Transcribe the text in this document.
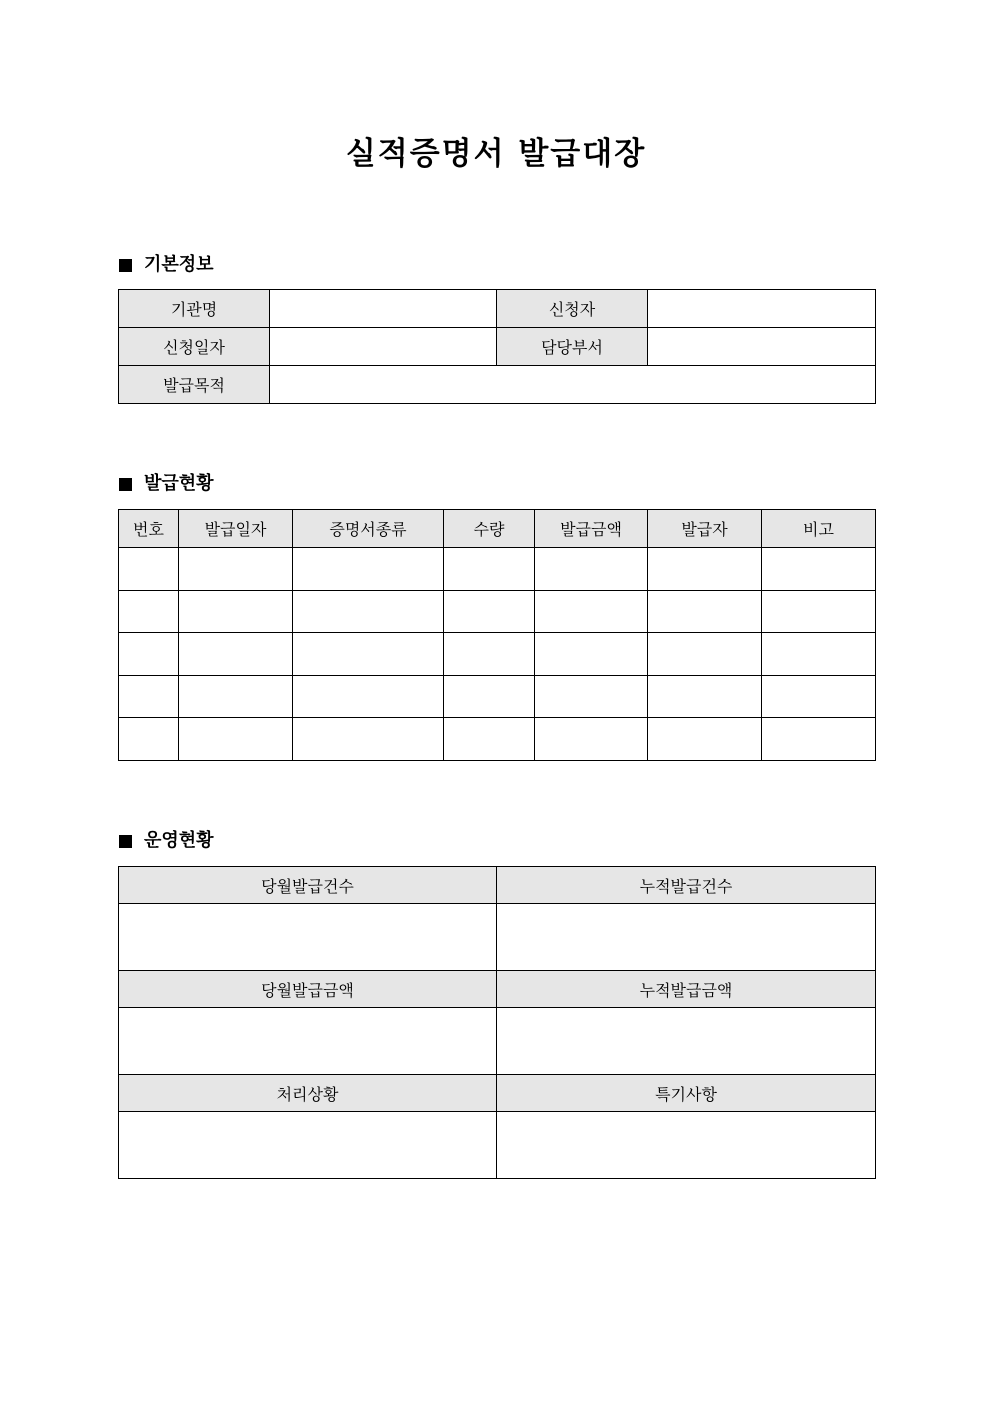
실적증명서 발급대장
기본정보
기관명		신청자	
신청일자		담당부서	
발급목적			
발급현황
번호	발급일자	증명서종류	수량	발급금액	발급자	비고

운영현황
당월발급건수	누적발급건수

당월발급금액	누적발급금액

처리상황	특기사항
